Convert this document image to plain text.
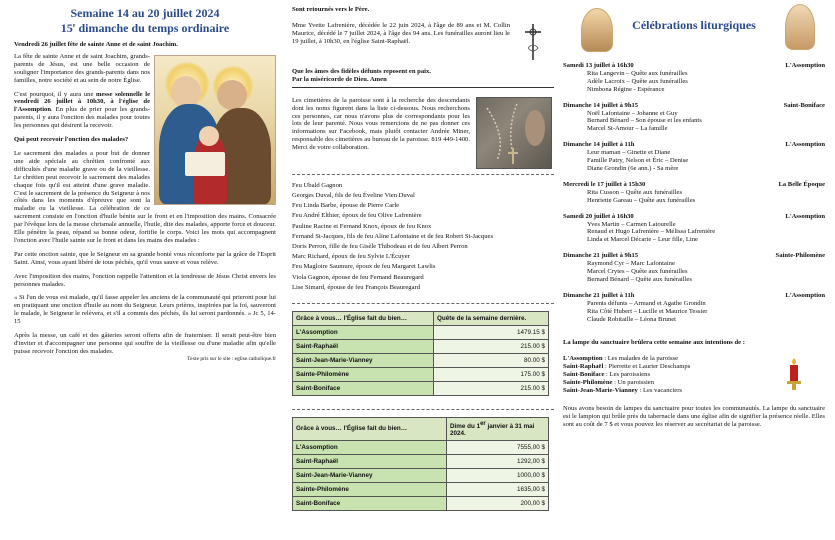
Semaine 14 au 20 juillet 2024

15e dimanche du temps ordinaire

Vendredi 26 juillet fête de sainte Anne et de saint Joachim.

La fête de sainte Anne et de saint Joachim, grands-parents de Jésus, est une belle occasion de souligner l'importance des grands-parents dans nos familles, notre société et au sein de notre Église.

C'est pourquoi, il y aura une messe solennelle le vendredi 26 juillet à 10h30, à l'église de l'Assomption. En plus de prier pour les grands-parents, il y aura l'onction des malades pour toutes les personnes qui désirent la recevoir.

Qui peut recevoir l'onction des malades?

Le sacrement des malades a pour but de donner une aide spéciale au chrétien confronté aux difficultés d'une maladie grave ou de la vieillesse. Le chrétien peut recevoir le sacrement des malades chaque fois qu'il est atteint d'une grave maladie. C'est le sacrement de la présence du Seigneur à nos côtés dans les moments d'épreuve que sont la maladie ou la vieillesse. La célébration de ce sacrement consiste en l'onction d'huile bénite sur le front et en l'imposition des mains. Consacrée par l'évêque lors de la messe chrismale annuelle, l'huile, dite des malades, apporte force et douceur. Elle pénètre la peau, répand sa bonne odeur, fortifie le corps. Voici les mots qui accompagnent l'onction avec l'huile sainte sur le front et dans les mains des malades :

Par cette onction sainte, que le Seigneur en sa grande bonté vous réconforte par la grâce de l'Esprit Saint. Ainsi, vous ayant libéré de tous péchés, qu'il vous sauve et vous relève.

Avec l'imposition des mains, l'onction rappelle l'attention et la tendresse de Jésus Christ envers les personnes malades.

« Si l'un de vous est malade, qu'il fasse appeler les anciens de la communauté qui prieront pour lui en pratiquant une onction d'huile au nom du Seigneur. Leurs prières, inspirées par la foi, sauveront le malade, le Seigneur le relèvera, et s'il a commis des péchés, ils lui seront pardonnés. » Jc 5, 14-15

Après la messe, un café et des gâteries seront offerts afin de fraterniser. Il serait peut-être bien d'inviter et d'accompagner une personne qui souffre de la vieillesse ou d'une maladie afin qu'elle puisse recevoir l'onction des malades.

Texte pris sur le site : eglise.catholique.fr

Sont retournés vers le Père.

Mme Yvette Lafrenière, décédée le 22 juin 2024, à l'âge de 89 ans et M. Collin Maurice, décédé le 7 juillet 2024, à l'âge des 94 ans. Les funérailles auront lieu le 19 juillet, à 10h30, en l'église Saint-Raphaël.

Que les âmes des fidèles défunts reposent en paix.

Par la miséricorde de Dieu. Amen

Les cimetières de la paroisse sont à la recherche des descendants dont les noms figurent dans la liste ci-dessous. Nous recherchons ces personnes, car nous n'avons plus de correspondants pour les lots de leur parenté. Nous vous remercions de ne pas donner ces informations sur Facebook, mais plutôt contacter Andrée Miner, responsable des cimetières au bureau de la paroisse. 819 449-1400. Merci de votre collaboration.

Feu Ubald Gagnon

Georges Duval, fils de feu Éveline Vien Duval

Feu Linda Barbe, épouse de Pierre Carle

Feu André Elthier, époux de feu Olive Lafrenière

Pauline Racine et Fernand Knox, époux de feu Knox

Fernand St-Jacques, fils de feu Aline Lafontaine et de feu Robert St-Jacques

Doris Perron, fille de feu Gisèle Thibodeau et de feu Albert Perron

Marc Richard, époux de feu Sylvie L'Écuyer

Feu Magloire Saumure, époux de feu Margaret Lawlis

Viola Gagnon, épouse de feu Fernand Beauregard

Lise Simard, épouse de feu François Beauregard

Grâce à vous… l'Église fait du bien…	Quête de la semaine dernière.
L'Assomption	1479.15 $
Saint-Raphaël	215.00 $
Saint-Jean-Marie-Vianney	80.00 $
Sainte-Philomène	175.00 $
Saint-Boniface	215.00 $
Grâce à vous… l'Église fait du bien…	Dime du 1er janvier à 31 mai 2024.
L'Assomption	7555,00 $
Saint-Raphaël	1292,00 $
Saint-Jean-Marie-Vianney	1000,00 $
Sainte-Philomène	1635,00 $
Saint-Boniface	200,00 $

Célébrations liturgiques

Samedi 13 juillet à 16h30	L'Assomption

Rita Langevin – Quête aux funérailles

Adèle Lacroix – Quête aux funérailles

Nimbona Régine - Espérance

Dimanche 14 juillet à 9h15	Saint-Boniface

Noël Lafontaine – Johanne et Guy

Bernard Bénard – Son épouse et les enfants

Marcel St-Amour – La famille

Dimanche 14 juillet à 11h	L'Assomption

Leur maman – Ginette et Diane

Famille Patry, Nelson et Éric – Denise

Diane Grondin (6e ann.) - Sa mère

Mercredi le 17 juillet à 15h30	La Belle Époque

Rita Cusson – Quête aux funérailles

Henriette Gareau – Quête aux funérailles

Samedi 20 juillet à 16h30	L'Assomption

Yves Martin – Carmen Latourelle

Renaud et Hugo Lafrenière – Mélissa Lafrenière

Linda et Marcel Décarie – Leur fille, Line

Dimanche 21 juillet à 9h15	Sainte-Philomène

Raymond Cyr – Marc Lafontaine

Marcel Crytes – Quête aux funérailles

Bernard Bénard – Quête aux funérailles

Dimanche 21 juillet à 11h	L'Assomption

Parents défunts – Armand et Agathe Grondin

Rita Côté Hubert – Lucille et Maurice Tessier

Claude Robitaille – Léona Brunet

La lampe du sanctuaire brûlera cette semaine aux intentions de :

L'Assomption : Les malades de la paroisse

Saint-Raphaël : Pierrette et Laurier Deschamps

Saint-Boniface : Les paroissiens

Sainte-Philomène : Un paroissien

Saint-Jean-Marie-Vianney : Les vacanciers

Nous avons besoin de lampes du sanctuaire pour toutes les communautés. La lampe du sanctuaire est le lampion qui brûle près du tabernacle dans une église afin de signifier la présence réelle. Elles sont au coût de 7 $ et vous pouvez les réserver au secrétariat de la paroisse.
